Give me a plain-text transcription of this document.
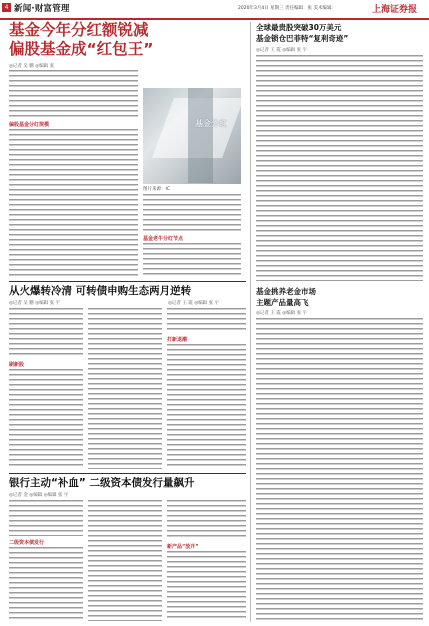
4 新闻·财富管理	2020年3月4日 星期三 责任编辑：张 美术编辑：	上海证券报
基金今年分红额锐减
偏股基金成“红包王”
◎记者 吴 鹏 ◎编辑 张
偏股基金分红规模	基金分红
图片来源：IC
基金老牛分红节点
全球最贵股突破30万美元
基金锁仓巴菲特“复利奇迹”
◎记者 王 霞 ◎编辑 张 宇
基金挑养老金市场
主题产品量高飞
◎记者 王 霞 ◎编辑 张 宇
从火爆转冷清 可转债申购生态两月逆转
◎记者 吴 鹏 ◎编辑 张 宇	◎记者 王 霞 ◎编辑 张 宇
刷新股
打新退潮
银行主动“补血” 二级资本债发行量飙升
◎记者 金 ◎编辑 ◎编辑 张 宇
二级资本债发行
新产品“放开”
